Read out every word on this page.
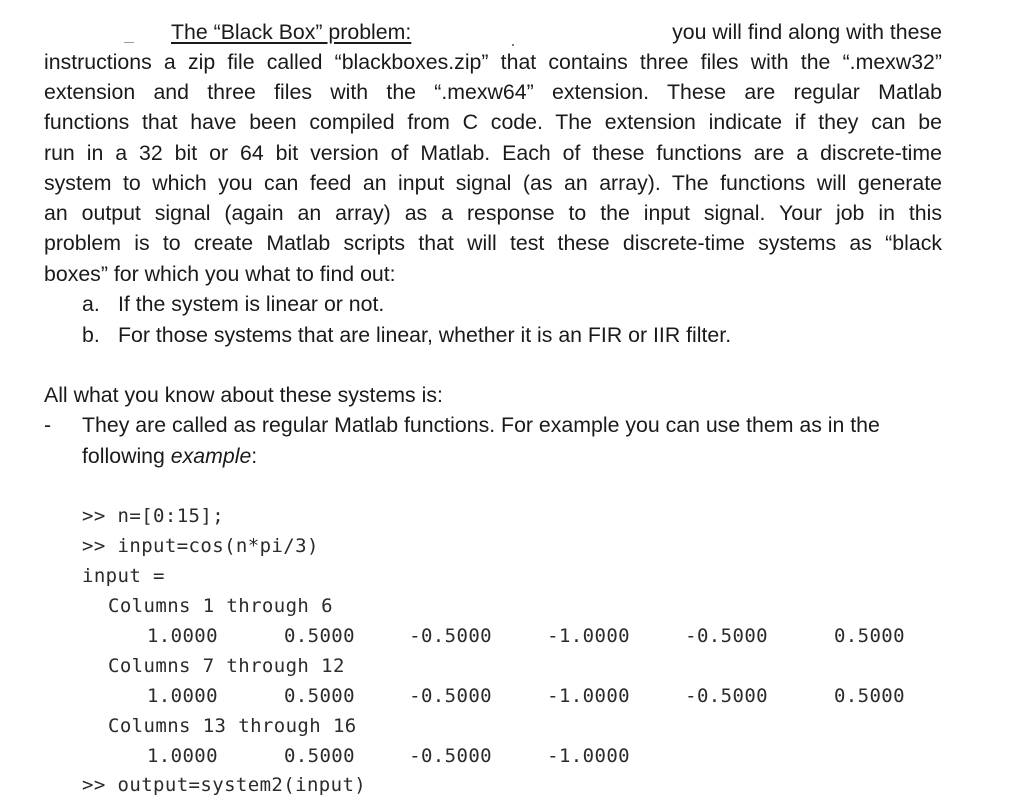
The “Black Box” problem:	you will find along with these
instructions a zip file called “blackboxes.zip” that contains three files with the “.mexw32”
extension and three files with the “.mexw64” extension. These are regular Matlab
functions that have been compiled from C code. The extension indicate if they can be
run in a 32 bit or 64 bit version of Matlab. Each of these functions are a discrete-time
system to which you can feed an input signal (as an array). The functions will generate
an output signal (again an array) as a response to the input signal. Your job in this
problem is to create Matlab scripts that will test these discrete-time systems as “black
boxes” for which you what to find out:
a. If the system is linear or not.
b. For those systems that are linear, whether it is an FIR or IIR filter.
All what you know about these systems is:
- They are called as regular Matlab functions. For example you can use them as in the
following example:
>> n=[0:15];
>> input=cos(n*pi/3)
input =
Columns 1 through 6
1.0000	0.5000	-0.5000	-1.0000	-0.5000	0.5000
Columns 7 through 12
1.0000	0.5000	-0.5000	-1.0000	-0.5000	0.5000
Columns 13 through 16
1.0000	0.5000	-0.5000	-1.0000
>> output=system2(input)
